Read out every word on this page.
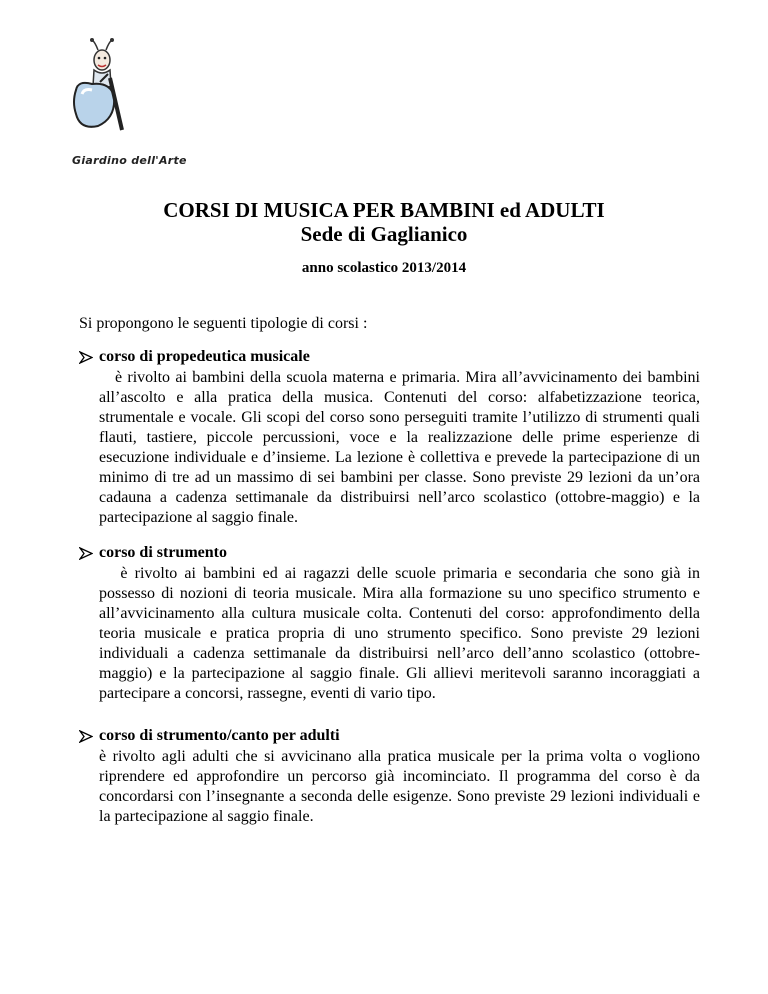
Giardino dell'Arte
CORSI DI MUSICA PER BAMBINI ed ADULTI
Sede di Gaglianico
anno scolastico 2013/2014
Si propongono le seguenti tipologie di corsi :
corso di propedeutica musicale
è rivolto ai bambini della scuola materna e primaria. Mira all’avvicinamento dei bambini all’ascolto e alla pratica della musica. Contenuti del corso: alfabetizzazione teorica, strumentale e vocale. Gli scopi del corso sono perseguiti tramite l’utilizzo di strumenti quali flauti, tastiere, piccole percussioni, voce e la realizzazione delle prime esperienze di esecuzione individuale e d’insieme. La lezione è collettiva e prevede la partecipazione di un minimo di tre ad un massimo di sei bambini per classe. Sono previste 29 lezioni da un’ora cadauna a cadenza settimanale da distribuirsi nell’arco scolastico (ottobre-maggio) e la partecipazione al saggio finale.
corso di strumento
è rivolto ai bambini ed ai ragazzi delle scuole primaria e secondaria che sono già in possesso di nozioni di teoria musicale. Mira alla formazione su uno specifico strumento e all’avvicinamento alla cultura musicale colta. Contenuti del corso: approfondimento della teoria musicale e pratica propria di uno strumento specifico. Sono previste 29 lezioni individuali a cadenza settimanale da distribuirsi nell’arco dell’anno scolastico (ottobre-maggio) e la partecipazione al saggio finale. Gli allievi meritevoli saranno incoraggiati a partecipare a concorsi, rassegne, eventi di vario tipo.
corso di strumento/canto per adulti
è rivolto agli adulti che si avvicinano alla pratica musicale per la prima volta o vogliono riprendere ed approfondire un percorso già incominciato. Il programma del corso è da concordarsi con l’insegnante a seconda delle esigenze. Sono previste 29 lezioni individuali e la partecipazione al saggio finale.
